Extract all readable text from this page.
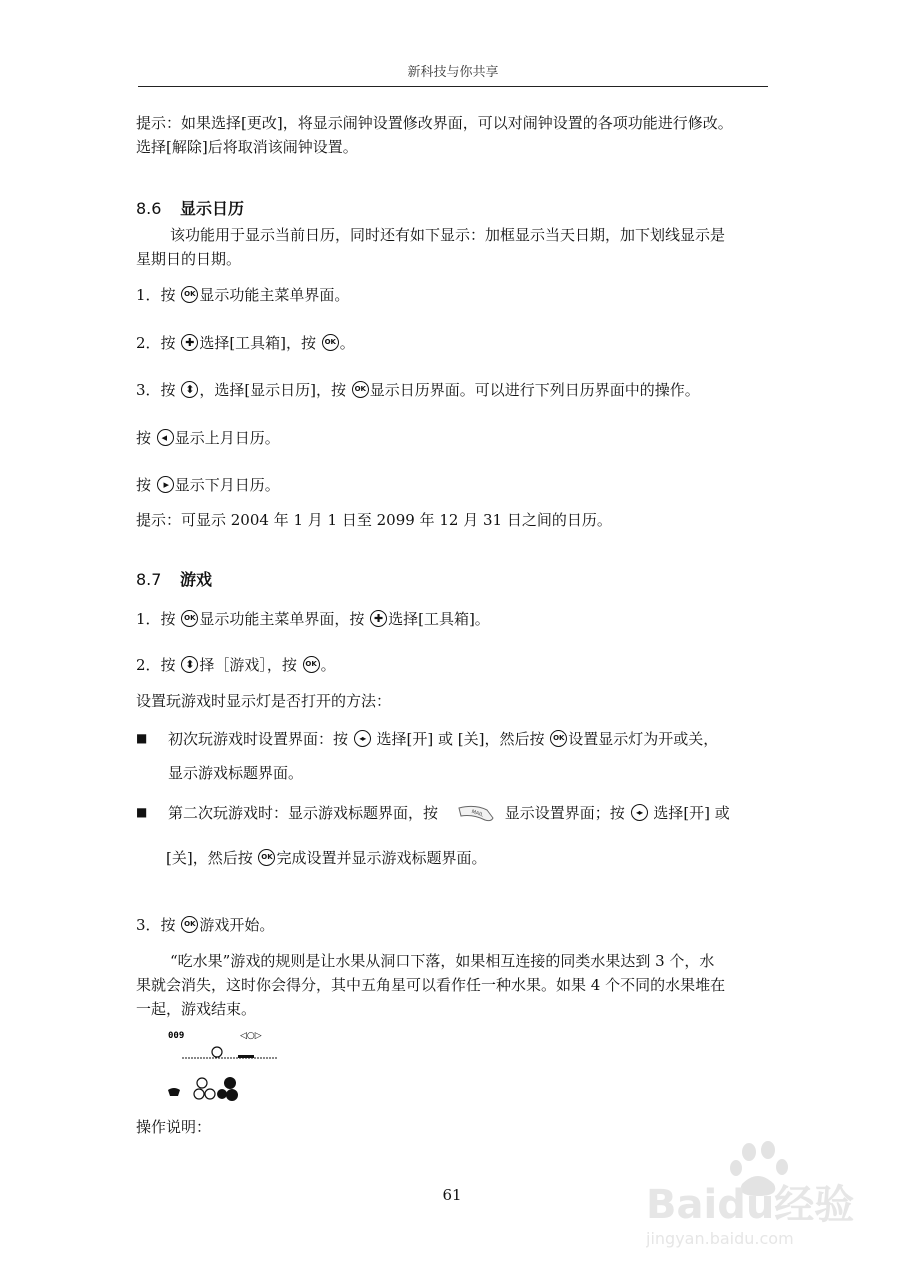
新科技与你共享
提示：如果选择[更改]，将显示闹钟设置修改界面，可以对闹钟设置的各项功能进行修改。
选择[解除]后将取消该闹钟设置。
8.6 显示日历
该功能用于显示当前日历，同时还有如下显示：加框显示当天日期，加下划线显示是
星期日的日期。
1．按 OK显示功能主菜单界面。
2．按 ✚选择[工具箱]，按 OK。
3．按 ⬍，选择[显示日历]，按 OK显示日历界面。可以进行下列日历界面中的操作。
按 ◂显示上月日历。
按 ▸显示下月日历。
提示：可显示 2004 年 1 月 1 日至 2099 年 12 月 31 日之间的日历。
8.7 游戏
1．按 OK显示功能主菜单界面，按 ✚选择[工具箱]。
2．按 ⬍择［游戏］，按 OK。
设置玩游戏时显示灯是否打开的方法：
■ 初次玩游戏时设置界面：按 ◂▸ 选择[开] 或 [关]，然后按 OK设置显示灯为开或关，
显示游戏标题界面。
■ 第二次玩游戏时：显示游戏标题界面，按	MAIL 显示设置界面；按 ◂▸ 选择[开] 或
[关]，然后按 OK完成设置并显示游戏标题界面。
3．按 OK游戏开始。
“吃水果”游戏的规则是让水果从洞口下落，如果相互连接的同类水果达到 3 个，水
果就会消失，这时你会得分，其中五角星可以看作任一种水果。如果 4 个不同的水果堆在
一起，游戏结束。
009	◁○▷
操作说明：
61	Baidu经验
jingyan.baidu.com
